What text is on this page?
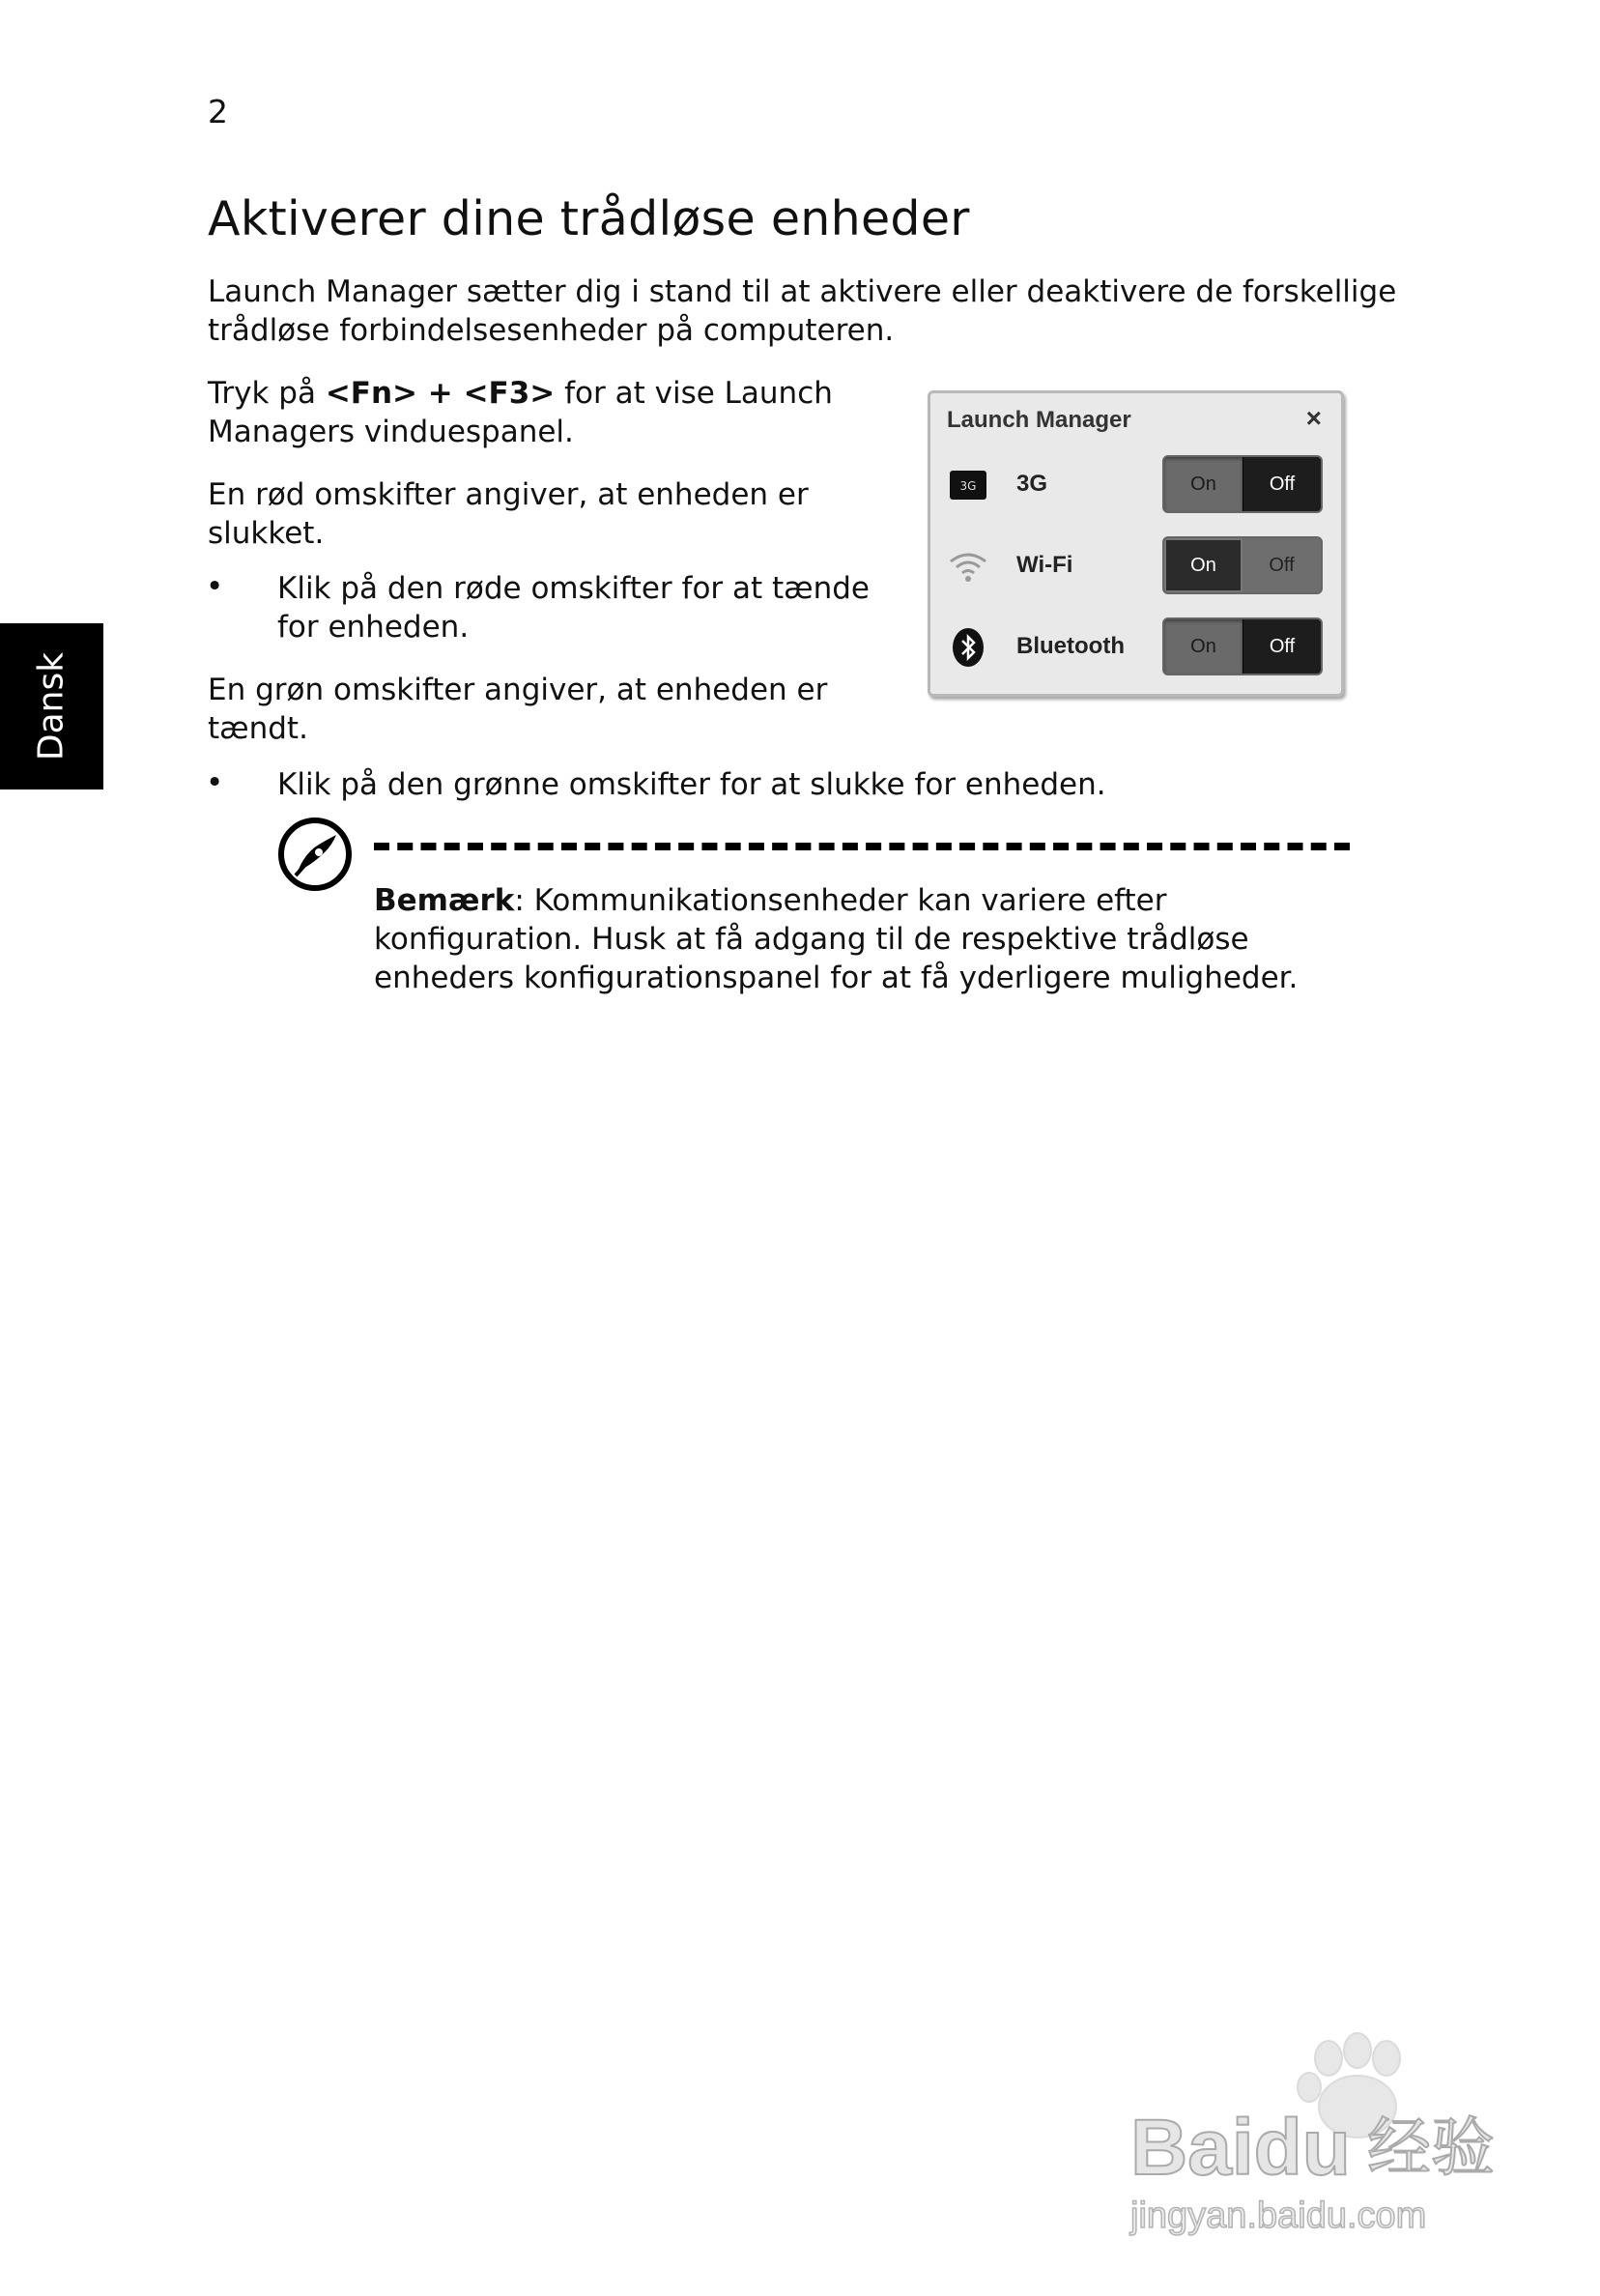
2
Dansk
Aktiverer dine trådløse enheder

Launch Manager sætter dig i stand til at aktivere eller deaktivere de forskellige
trådløse forbindelsesenheder på computeren.

Tryk på <Fn> + <F3> for at vise Launch
Managers vinduespanel.

En rød omskifter angiver, at enheden er
slukket.

• Klik på den røde omskifter for at tænde
for enheden.

En grøn omskifter angiver, at enheden er
tændt.

• Klik på den grønne omskifter for at slukke for enheden.

Launch Manager	×
3G 3G	On	Off
Wi-Fi	On	Off
Bluetooth	On	Off

Bemærk: Kommunikationsenheder kan variere efter
konfiguration. Husk at få adgang til de respektive trådløse
enheders konfigurationspanel for at få yderligere muligheder.

Baidu 经验
jingyan.baidu.com
